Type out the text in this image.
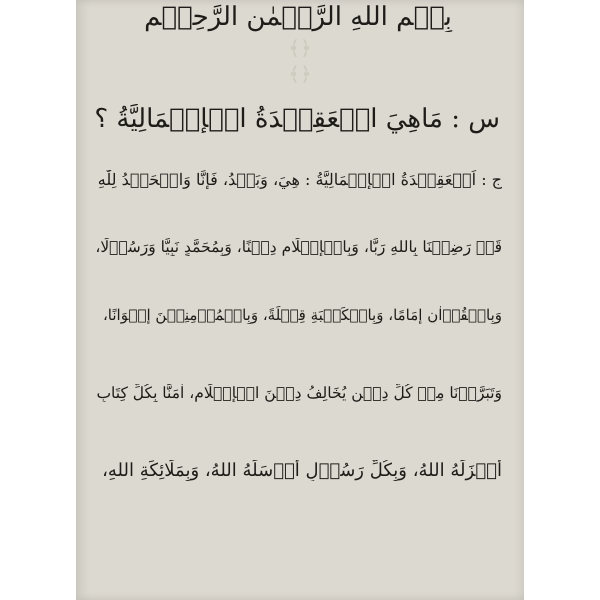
﴿﴾
﴿﴾
بِسۡمِ اللهِ الرَّحۡمٰنِ الرَّحِيۡمِ
س : مَاهِيَ الۡعَقِيۡدَةُ الۡإِجۡمَالِيَّةُ ؟
ج : اَلۡعَقِيۡدَةُ الۡإِجۡمَالِيَّةُ : هِيَ، وَبَعۡدُ، فَإِنَّا وَالۡحَمۡدُ لِلّٰهِ
قَدۡ رَضِيۡنَا بِاللهِ رَبًّا، وَبِالۡإِسۡلَامِ دِيۡنًا، وَبِمُحَمَّدٍ نَبِيًّا وَرَسُوۡلًا،
وَبِالۡقُرۡاٰنِ إِمَامًا، وَبِالۡكَعۡبَةِ قِبۡلَةً، وَبِالۡمُؤۡمِنِيۡنَ إِخۡوَانًا،
وَتَبَرَّأۡنَا مِنۡ كُلِّ دِيۡنٍ يُخَالِفُ دِيۡنَ الۡإِسۡلَامِ، اٰمَنَّا بِكُلِّ كِتَابٍ
أَنۡزَلَهُ اللهُ، وَبِكُلِّ رَسُوۡلٍ أَرۡسَلَهُ اللهُ، وَبِمَلَائِكَةِ اللهِ،
